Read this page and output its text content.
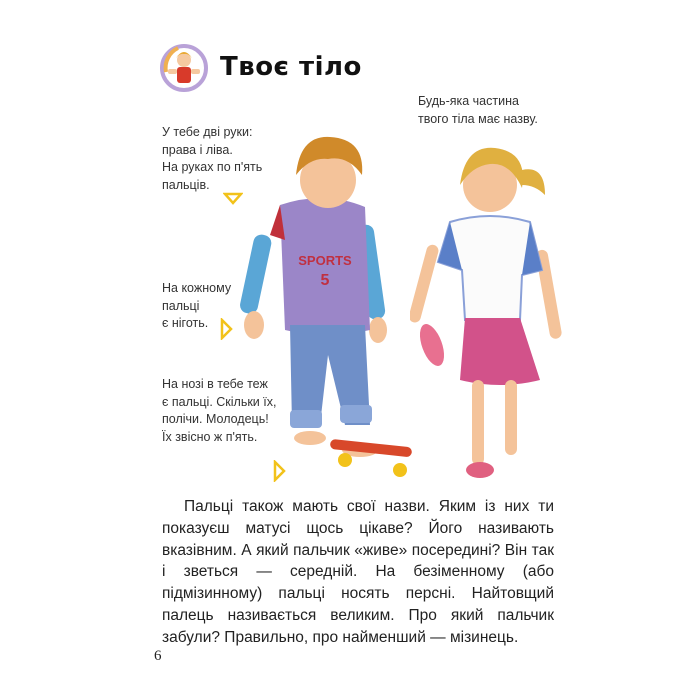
Твоє тіло
Будь-яка частина
твого тіла має назву.
У тебе дві руки:
права і ліва.
На руках по п'ять
пальців.
На кожному
пальці
є ніготь.
На нозі в тебе теж
є пальці. Скільки їх,
полічи. Молодець!
Їх звісно ж п'ять.
SPORTS
5
Пальці також мають свої назви. Яким із них ти показуєш матусі щось цікаве? Його називають вказівним. А який пальчик «живе» посередині? Він так і зветься — середній. На безіменному (або підмізинному) пальці носять персні. Найтовщий палець називається великим. Про який пальчик забули? Правильно, про найменший — мізинець.
6
